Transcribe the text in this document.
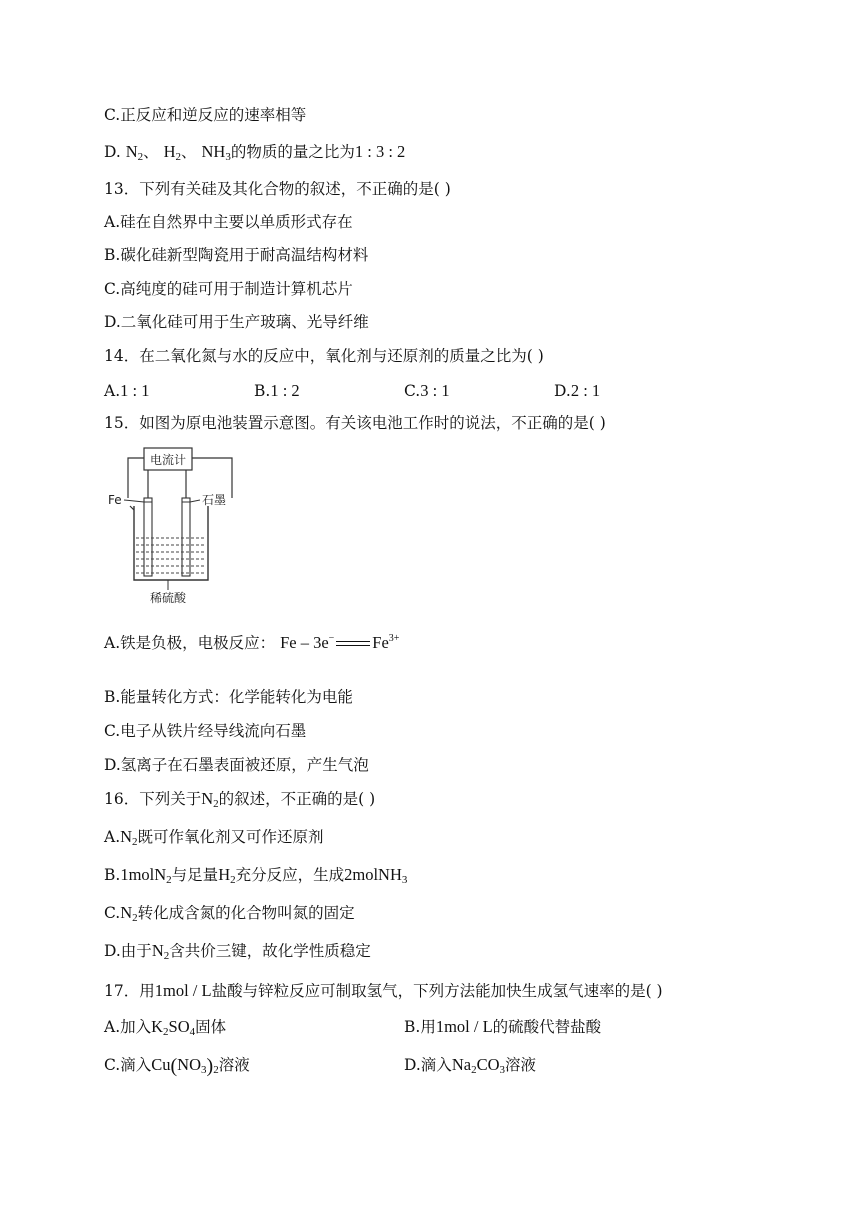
C.正反应和逆反应的速率相等
D. $N_2$、 $H_2$、 $NH_3$的物质的量之比为1 : 3 : 2
13．下列有关硅及其化合物的叙述，不正确的是( )
A.硅在自然界中主要以单质形式存在
B.碳化硅新型陶瓷用于耐高温结构材料
C.高纯度的硅可用于制造计算机芯片
D.二氧化硅可用于生产玻璃、光导纤维
14．在二氧化氮与水的反应中，氧化剂与还原剂的质量之比为( )
A.1 : 1	B.1 : 2	C.3 : 1	D.2 : 1
15．如图为原电池装置示意图。有关该电池工作时的说法，不正确的是( )
电流计
Fe	石墨
稀硫酸
A.铁是负极，电极反应： Fe – 3e− $Fe^{3+}$
B.能量转化方式：化学能转化为电能
C.电子从铁片经导线流向石墨
D.氢离子在石墨表面被还原，产生气泡
16．下列关于$N_2$的叙述，不正确的是( )
$A.N_2$既可作氧化剂又可作还原剂
B.1molN$_2$与足量$H_2$充分反应，生成2molNH$_3$
$C.N_2$转化成含氮的化合物叫氮的固定
D.由于$N_2$含共价三键，故化学性质稳定
17．用1mol / L盐酸与锌粒反应可制取氢气，下列方法能加快生成氢气速率的是( )
A.加入$K_2SO_4$固体	B.用1mol / L的硫酸代替盐酸
C.滴入$Cu(NO_3)_2$溶液	D.滴入$Na_2CO_3$溶液
